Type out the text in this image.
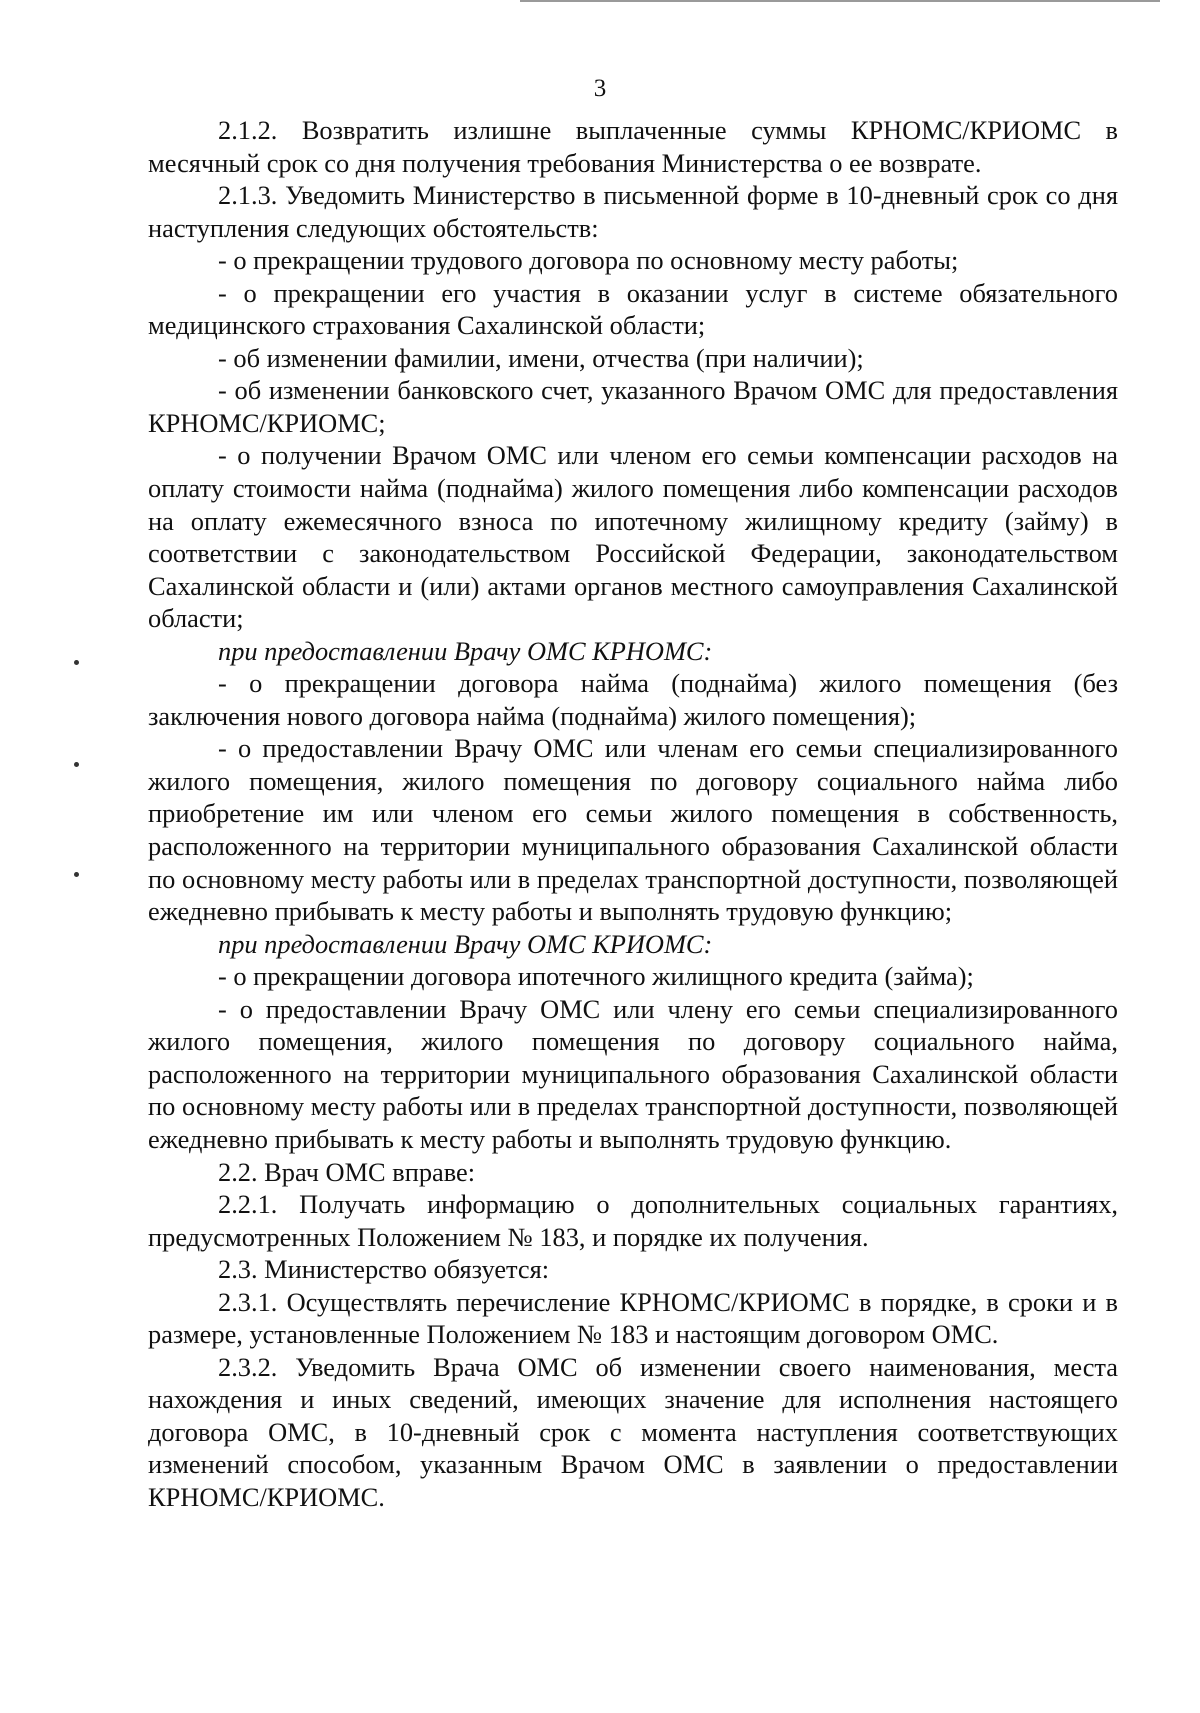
3

2.1.2. Возвратить излишне выплаченные суммы КРНОМС/КРИОМС в месячный срок со дня получения требования Министерства о ее возврате.

2.1.3. Уведомить Министерство в письменной форме в 10-дневный срок со дня наступления следующих обстоятельств:

- о прекращении трудового договора по основному месту работы;

- о прекращении его участия в оказании услуг в системе обязательного медицинского страхования Сахалинской области;

- об изменении фамилии, имени, отчества (при наличии);

- об изменении банковского счет, указанного Врачом ОМС для предоставления КРНОМС/КРИОМС;

- о получении Врачом ОМС или членом его семьи компенсации расходов на оплату стоимости найма (поднайма) жилого помещения либо компенсации расходов на оплату ежемесячного взноса по ипотечному жилищному кредиту (займу) в соответствии с законодательством Российской Федерации, законодательством Сахалинской области и (или) актами органов местного самоуправления Сахалинской области;

при предоставлении Врачу ОМС КРНОМС:

- о прекращении договора найма (поднайма) жилого помещения (без заключения нового договора найма (поднайма) жилого помещения);

- о предоставлении Врачу ОМС или членам его семьи специализированного жилого помещения, жилого помещения по договору социального найма либо приобретение им или членом его семьи жилого помещения в собственность, расположенного на территории муниципального образования Сахалинской области по основному месту работы или в пределах транспортной доступности, позволяющей ежедневно прибывать к месту работы и выполнять трудовую функцию;

при предоставлении Врачу ОМС КРИОМС:

- о прекращении договора ипотечного жилищного кредита (займа);

- о предоставлении Врачу ОМС или члену его семьи специализированного жилого помещения, жилого помещения по договору социального найма, расположенного на территории муниципального образования Сахалинской области по основному месту работы или в пределах транспортной доступности, позволяющей ежедневно прибывать к месту работы и выполнять трудовую функцию.

2.2. Врач ОМС вправе:

2.2.1. Получать информацию о дополнительных социальных гарантиях, предусмотренных Положением № 183, и порядке их получения.

2.3. Министерство обязуется:

2.3.1. Осуществлять перечисление КРНОМС/КРИОМС в порядке, в сроки и в размере, установленные Положением № 183 и настоящим договором ОМС.

2.3.2. Уведомить Врача ОМС об изменении своего наименования, места нахождения и иных сведений, имеющих значение для исполнения настоящего договора ОМС, в 10-дневный срок с момента наступления соответствующих изменений способом, указанным Врачом ОМС в заявлении о предоставлении КРНОМС/КРИОМС.
